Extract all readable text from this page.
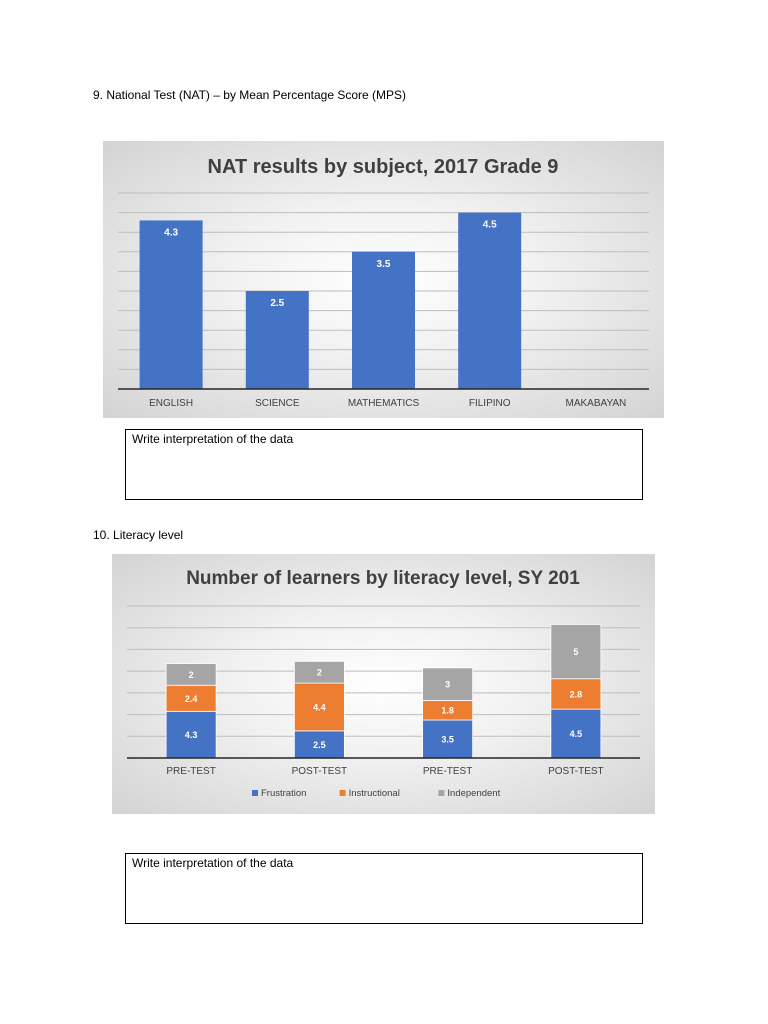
9. National Test (NAT) – by Mean Percentage Score (MPS)
NAT results by subject, 2017 Grade 9
4.3
ENGLISH
2.5
SCIENCE
3.5
MATHEMATICS
4.5
FILIPINO	MAKABAYAN
Write interpretation of the data
10. Literacy level
Number of learners by literacy level, SY 201
4.3
2.4
2
PRE-TEST
2.5
4.4
2
POST-TEST
3.5
1.8
3
PRE-TEST
4.5
2.8
5
POST-TEST
Frustration	Instructional	Independent
Write interpretation of the data
